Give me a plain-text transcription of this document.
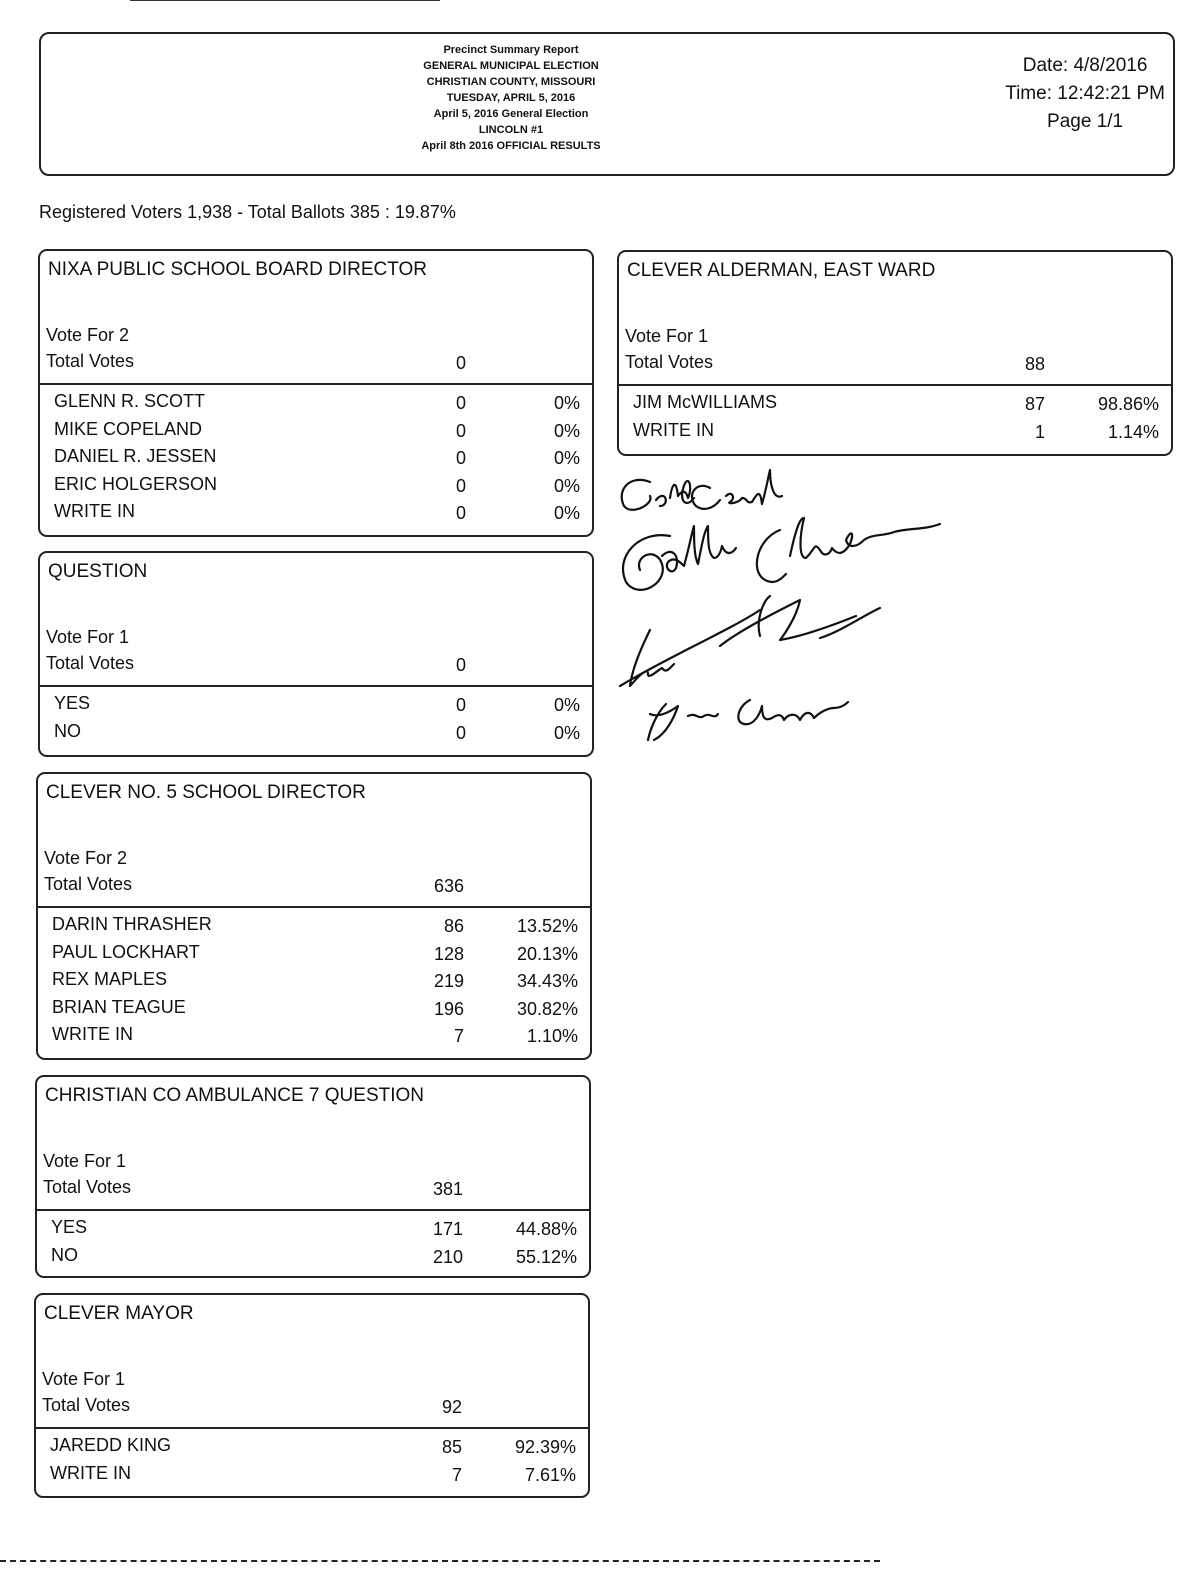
Precinct Summary Report
GENERAL MUNICIPAL ELECTION
CHRISTIAN COUNTY, MISSOURI
TUESDAY, APRIL 5, 2016
April 5, 2016 General Election
LINCOLN #1
April 8th 2016 OFFICIAL RESULTS
Date: 4/8/2016
Time: 12:42:21 PM
Page 1/1
Registered Voters 1,938 - Total Ballots 385 : 19.87%
NIXA PUBLIC SCHOOL BOARD DIRECTOR
Vote For 2
Total Votes	0
GLENN R. SCOTT	0	0%
MIKE COPELAND	0	0%
DANIEL R. JESSEN	0	0%
ERIC HOLGERSON	0	0%
WRITE IN	0	0%
QUESTION
Vote For 1
Total Votes	0
YES	0	0%
NO	0	0%
CLEVER NO. 5 SCHOOL DIRECTOR
Vote For 2
Total Votes	636
DARIN THRASHER	86	13.52%
PAUL LOCKHART	128	20.13%
REX MAPLES	219	34.43%
BRIAN TEAGUE	196	30.82%
WRITE IN	7	1.10%
CHRISTIAN CO AMBULANCE 7 QUESTION
Vote For 1
Total Votes	381
YES	171	44.88%
NO	210	55.12%
CLEVER MAYOR
Vote For 1
Total Votes	92
JAREDD KING	85	92.39%
WRITE IN	7	7.61%
CLEVER ALDERMAN, EAST WARD
Vote For 1
Total Votes	88
JIM McWILLIAMS	87	98.86%
WRITE IN	1	1.14%
